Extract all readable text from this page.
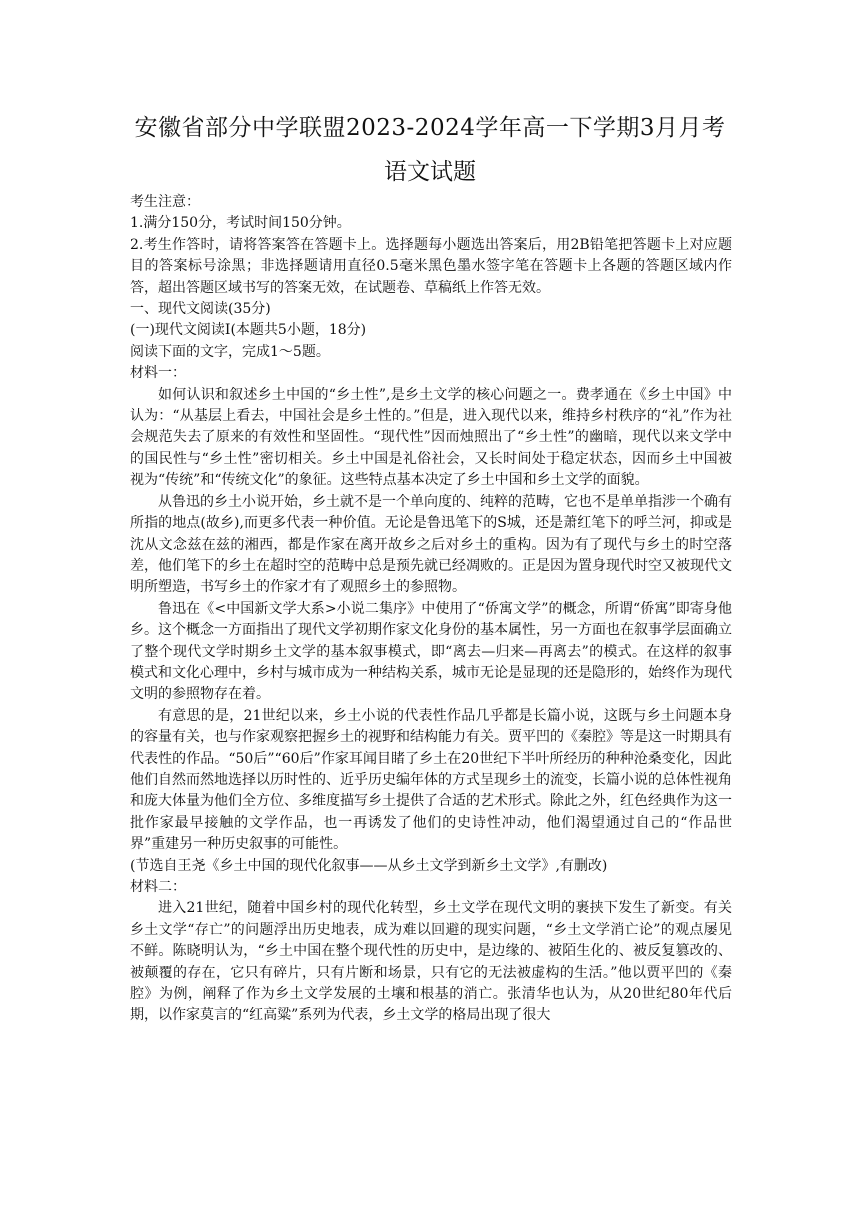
安徽省部分中学联盟2023-2024学年高一下学期3月月考
语文试题

考生注意：

1.满分150分，考试时间150分钟。

2.考生作答时，请将答案答在答题卡上。选择题每小题选出答案后，用2B铅笔把答题卡上对应题目的答案标号涂黑；非选择题请用直径0.5毫米黑色墨水签字笔在答题卡上各题的答题区域内作答，超出答题区域书写的答案无效，在试题卷、草稿纸上作答无效。

一、现代文阅读(35分)

(一)现代文阅读Ⅰ(本题共5小题，18分)

阅读下面的文字，完成1～5题。

材料一：

如何认识和叙述乡土中国的“乡土性”,是乡土文学的核心问题之一。费孝通在《乡土中国》中认为：“从基层上看去，中国社会是乡土性的。”但是，进入现代以来，维持乡村秩序的“礼”作为社会规范失去了原来的有效性和坚固性。“现代性”因而烛照出了“乡土性”的幽暗，现代以来文学中的国民性与“乡土性”密切相关。乡土中国是礼俗社会，又长时间处于稳定状态，因而乡土中国被视为“传统”和“传统文化”的象征。这些特点基本决定了乡土中国和乡土文学的面貌。

从鲁迅的乡土小说开始，乡土就不是一个单向度的、纯粹的范畴，它也不是单单指涉一个确有所指的地点(故乡),而更多代表一种价值。无论是鲁迅笔下的S城，还是萧红笔下的呼兰河，抑或是沈从文念兹在兹的湘西，都是作家在离开故乡之后对乡土的重构。因为有了现代与乡土的时空落差，他们笔下的乡土在超时空的范畴中总是预先就已经凋败的。正是因为置身现代时空又被现代文明所塑造，书写乡土的作家才有了观照乡土的参照物。

鲁迅在《<中国新文学大系>小说二集序》中使用了“侨寓文学”的概念，所谓“侨寓”即寄身他乡。这个概念一方面指出了现代文学初期作家文化身份的基本属性，另一方面也在叙事学层面确立了整个现代文学时期乡土文学的基本叙事模式，即“离去—归来—再离去”的模式。在这样的叙事模式和文化心理中，乡村与城市成为一种结构关系，城市无论是显现的还是隐形的，始终作为现代文明的参照物存在着。

有意思的是，21世纪以来，乡土小说的代表性作品几乎都是长篇小说，这既与乡土问题本身的容量有关，也与作家观察把握乡土的视野和结构能力有关。贾平凹的《秦腔》等是这一时期具有代表性的作品。“50后”“60后”作家耳闻目睹了乡土在20世纪下半叶所经历的种种沧桑变化，因此他们自然而然地选择以历时性的、近乎历史编年体的方式呈现乡土的流变，长篇小说的总体性视角和庞大体量为他们全方位、多维度描写乡土提供了合适的艺术形式。除此之外，红色经典作为这一批作家最早接触的文学作品，也一再诱发了他们的史诗性冲动，他们渴望通过自己的“作品世界”重建另一种历史叙事的可能性。

(节选自王尧《乡土中国的现代化叙事——从乡土文学到新乡土文学》,有删改)

材料二：

进入21世纪，随着中国乡村的现代化转型，乡土文学在现代文明的裹挟下发生了新变。有关乡土文学“存亡”的问题浮出历史地表，成为难以回避的现实问题，“乡土文学消亡论”的观点屡见不鲜。陈晓明认为，“乡土中国在整个现代性的历史中，是边缘的、被陌生化的、被反复篡改的、被颠覆的存在，它只有碎片，只有片断和场景，只有它的无法被虚构的生活。”他以贾平凹的《秦腔》为例，阐释了作为乡土文学发展的土壤和根基的消亡。张清华也认为，从20世纪80年代后期，以作家莫言的“红高粱”系列为代表，乡土文学的格局出现了很大
